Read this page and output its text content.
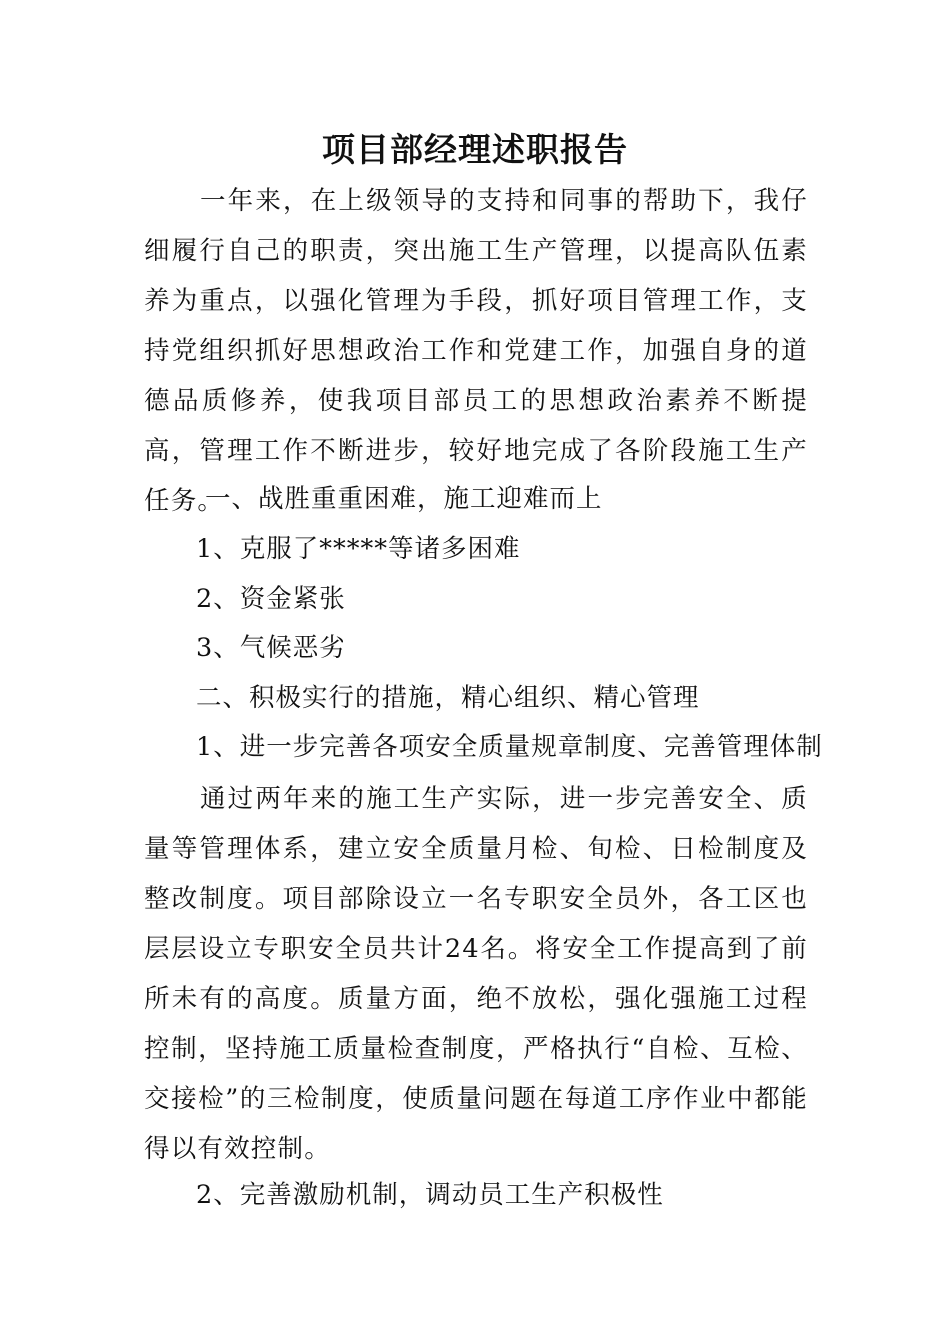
项目部经理述职报告
一年来，在上级领导的支持和同事的帮助下，我仔细履行自己的职责，突出施工生产管理，以提高队伍素养为重点，以强化管理为手段，抓好项目管理工作，支持党组织抓好思想政治工作和党建工作，加强自身的道德品质修养，使我项目部员工的思想政治素养不断提高，管理工作不断进步，较好地完成了各阶段施工生产任务。
一、战胜重重困难，施工迎难而上
1、克服了*****等诸多困难
2、资金紧张
3、气候恶劣
二、积极实行的措施，精心组织、精心管理
1、进一步完善各项安全质量规章制度、完善管理体制
通过两年来的施工生产实际，进一步完善安全、质量等管理体系，建立安全质量月检、旬检、日检制度及整改制度。项目部除设立一名专职安全员外，各工区也层层设立专职安全员共计24名。将安全工作提高到了前所未有的高度。质量方面，绝不放松，强化强施工过程控制，坚持施工质量检查制度，严格执行“自检、互检、交接检”的三检制度，使质量问题在每道工序作业中都能得以有效控制。
2、完善激励机制，调动员工生产积极性
